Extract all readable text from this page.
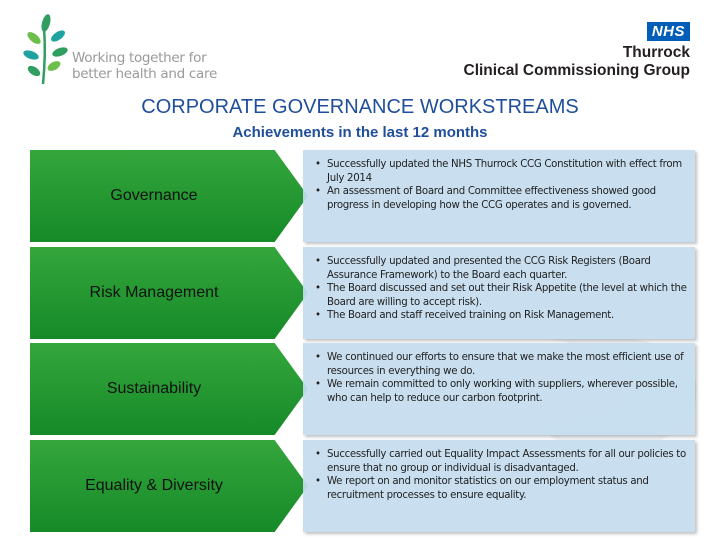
Working together for
better health and care
NHS
Thurrock
Clinical Commissioning Group
CORPORATE GOVERNANCE WORKSTREAMS
Achievements in the last 12 months
Governance
• Successfully updated the NHS Thurrock CCG Constitution with effect from July 2014
• An assessment of Board and Committee effectiveness showed good progress in developing how the CCG operates and is governed.
Risk Management
• Successfully updated and presented the CCG Risk Registers (Board Assurance Framework) to the Board each quarter.
• The Board discussed and set out their Risk Appetite (the level at which the Board are willing to accept risk).
• The Board and staff received training on Risk Management.
Sustainability
• We continued our efforts to ensure that we make the most efficient use of resources in everything we do.
• We remain committed to only working with suppliers, wherever possible, who can help to reduce our carbon footprint.
Equality & Diversity
• Successfully carried out Equality Impact Assessments for all our policies to ensure that no group or individual is disadvantaged.
• We report on and monitor statistics on our employment status and recruitment processes to ensure equality.
